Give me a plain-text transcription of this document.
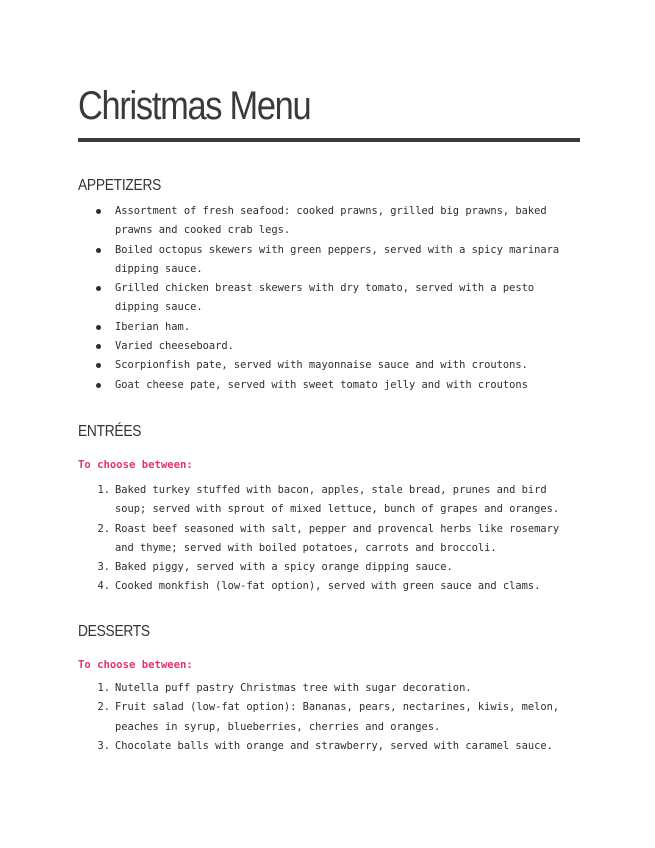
Christmas Menu
APPETIZERS
Assortment of fresh seafood: cooked prawns, grilled big prawns, baked prawns and cooked crab legs.
Boiled octopus skewers with green peppers, served with a spicy marinara dipping sauce.
Grilled chicken breast skewers with dry tomato, served with a pesto dipping sauce.
Iberian ham.
Varied cheeseboard.
Scorpionfish pate, served with mayonnaise sauce and with croutons.
Goat cheese pate, served with sweet tomato jelly and with croutons
ENTRÉES

To choose between:

1. Baked turkey stuffed with bacon, apples, stale bread, prunes and bird soup; served with sprout of mixed lettuce, bunch of grapes and oranges.
2. Roast beef seasoned with salt, pepper and provencal herbs like rosemary and thyme; served with boiled potatoes, carrots and broccoli.
3. Baked piggy, served with a spicy orange dipping sauce.
4. Cooked monkfish (low-fat option), served with green sauce and clams.
DESSERTS

To choose between:

1. Nutella puff pastry Christmas tree with sugar decoration.
2. Fruit salad (low-fat option): Bananas, pears, nectarines, kiwis, melon, peaches in syrup, blueberries, cherries and oranges.
3. Chocolate balls with orange and strawberry, served with caramel sauce.
